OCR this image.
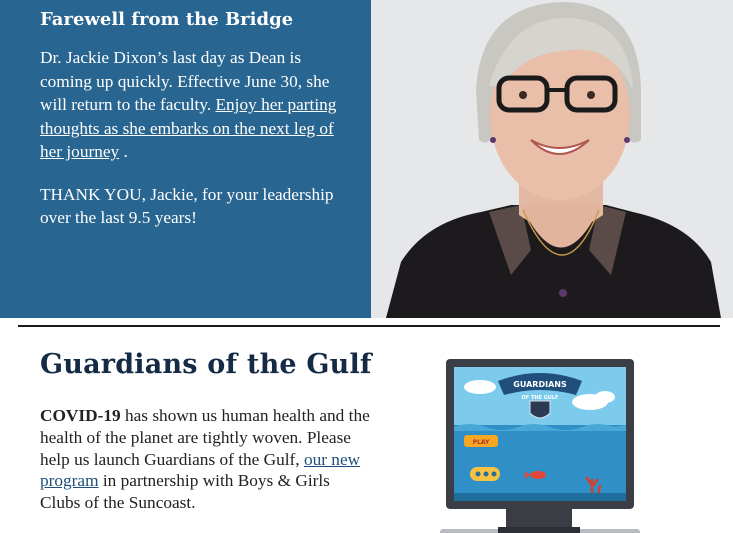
Farewell from the Bridge

Dr. Jackie Dixon’s last day as Dean is coming up quickly. Effective June 30, she will return to the faculty. Enjoy her parting thoughts as she embarks on the next leg of her journey .

THANK YOU, Jackie, for your leadership over the last 9.5 years!

Guardians of the Gulf

COVID-19 has shown us human health and the health of the planet are tightly woven. Please help us launch Guardians of the Gulf, our new program in partnership with Boys & Girls Clubs of the Suncoast.

GUARDIANS
OF THE GULF
PLAY
